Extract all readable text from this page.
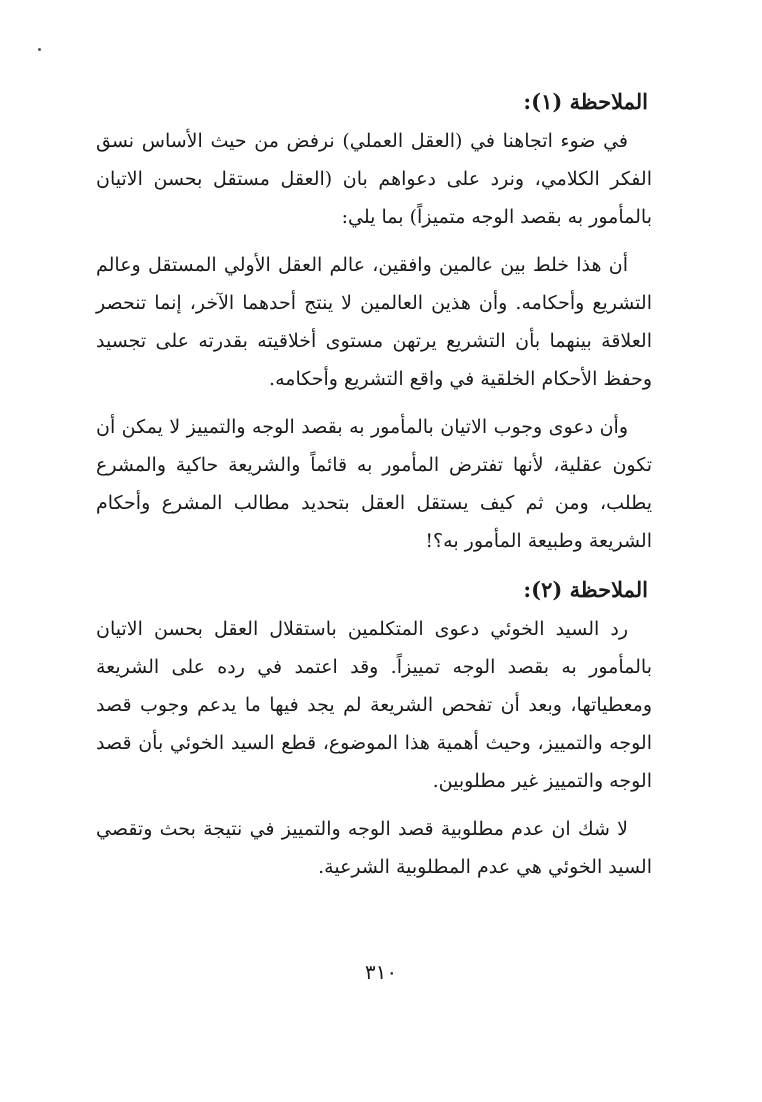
الملاحظة (١):

في ضوء اتجاهنا في (العقل العملي) نرفض من حيث الأساس نسق الفكر الكلامي، ونرد على دعواهم بان (العقل مستقل بحسن الاتيان بالمأمور به بقصد الوجه متميزاً) بما يلي:

أن هذا خلط بين عالمين وافقين، عالم العقل الأولي المستقل وعالم التشريع وأحكامه. وأن هذين العالمين لا ينتج أحدهما الآخر، إنما تنحصر العلاقة بينهما بأن التشريع يرتهن مستوى أخلاقيته بقدرته على تجسيد وحفظ الأحكام الخلقية في واقع التشريع وأحكامه.

وأن دعوى وجوب الاتيان بالمأمور به بقصد الوجه والتمييز لا يمكن أن تكون عقلية، لأنها تفترض المأمور به قائماً والشريعة حاكية والمشرع يطلب، ومن ثم كيف يستقل العقل بتحديد مطالب المشرع وأحكام الشريعة وطبيعة المأمور به؟!

الملاحظة (٢):

رد السيد الخوئي دعوى المتكلمين باستقلال العقل بحسن الاتيان بالمأمور به بقصد الوجه تمييزاً. وقد اعتمد في رده على الشريعة ومعطياتها، وبعد أن تفحص الشريعة لم يجد فيها ما يدعم وجوب قصد الوجه والتمييز، وحيث أهمية هذا الموضوع، قطع السيد الخوئي بأن قصد الوجه والتمييز غير مطلوبين.

لا شك ان عدم مطلوبية قصد الوجه والتمييز في نتيجة بحث وتقصي السيد الخوئي هي عدم المطلوبية الشرعية.

٣١٠
